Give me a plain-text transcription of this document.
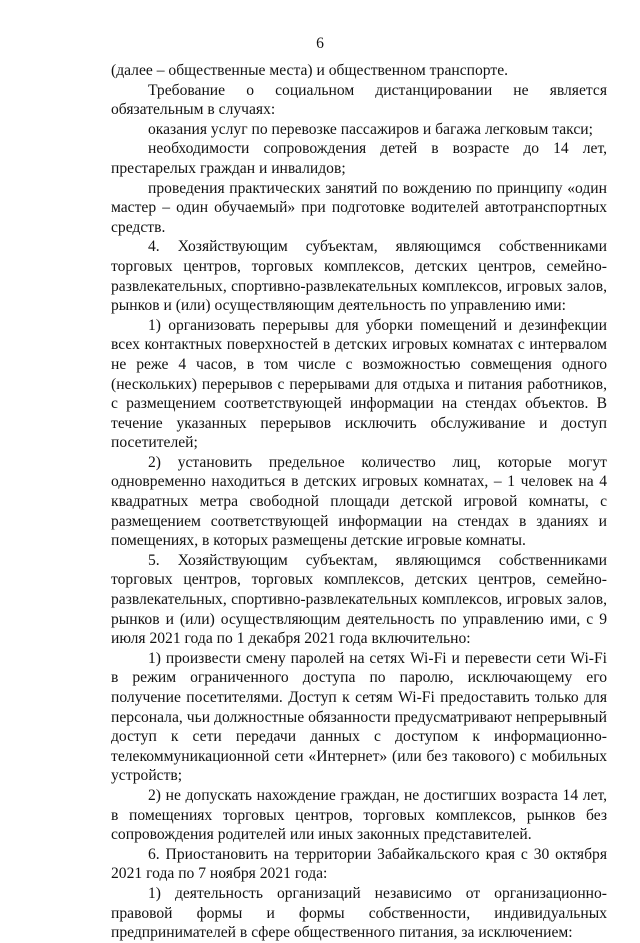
6

(далее – общественные места) и общественном транспорте.

Требование о социальном дистанцировании не является обязательным в случаях:

оказания услуг по перевозке пассажиров и багажа легковым такси;

необходимости сопровождения детей в возрасте до 14 лет, престарелых граждан и инвалидов;

проведения практических занятий по вождению по принципу «один мастер – один обучаемый» при подготовке водителей автотранспортных средств.

4. Хозяйствующим субъектам, являющимся собственниками торговых центров, торговых комплексов, детских центров, семейно-развлекательных, спортивно-развлекательных комплексов, игровых залов, рынков и (или) осуществляющим деятельность по управлению ими:

1) организовать перерывы для уборки помещений и дезинфекции всех контактных поверхностей в детских игровых комнатах с интервалом не реже 4 часов, в том числе с возможностью совмещения одного (нескольких) перерывов с перерывами для отдыха и питания работников, с размещением соответствующей информации на стендах объектов. В течение указанных перерывов исключить обслуживание и доступ посетителей;

2) установить предельное количество лиц, которые могут одновременно находиться в детских игровых комнатах, – 1 человек на 4 квадратных метра свободной площади детской игровой комнаты, с размещением соответствующей информации на стендах в зданиях и помещениях, в которых размещены детские игровые комнаты.

5. Хозяйствующим субъектам, являющимся собственниками торговых центров, торговых комплексов, детских центров, семейно-развлекательных, спортивно-развлекательных комплексов, игровых залов, рынков и (или) осуществляющим деятельность по управлению ими, с 9 июля 2021 года по 1 декабря 2021 года включительно:

1) произвести смену паролей на сетях Wi-Fi и перевести сети Wi-Fi в режим ограниченного доступа по паролю, исключающему его получение посетителями. Доступ к сетям Wi-Fi предоставить только для персонала, чьи должностные обязанности предусматривают непрерывный доступ к сети передачи данных с доступом к информационно-телекоммуникационной сети «Интернет» (или без такового) с мобильных устройств;

2) не допускать нахождение граждан, не достигших возраста 14 лет, в помещениях торговых центров, торговых комплексов, рынков без сопровождения родителей или иных законных представителей.

6. Приостановить на территории Забайкальского края с 30 октября 2021 года по 7 ноября 2021 года:

1) деятельность организаций независимо от организационно-правовой формы и формы собственности, индивидуальных предпринимателей в сфере общественного питания, за исключением:
